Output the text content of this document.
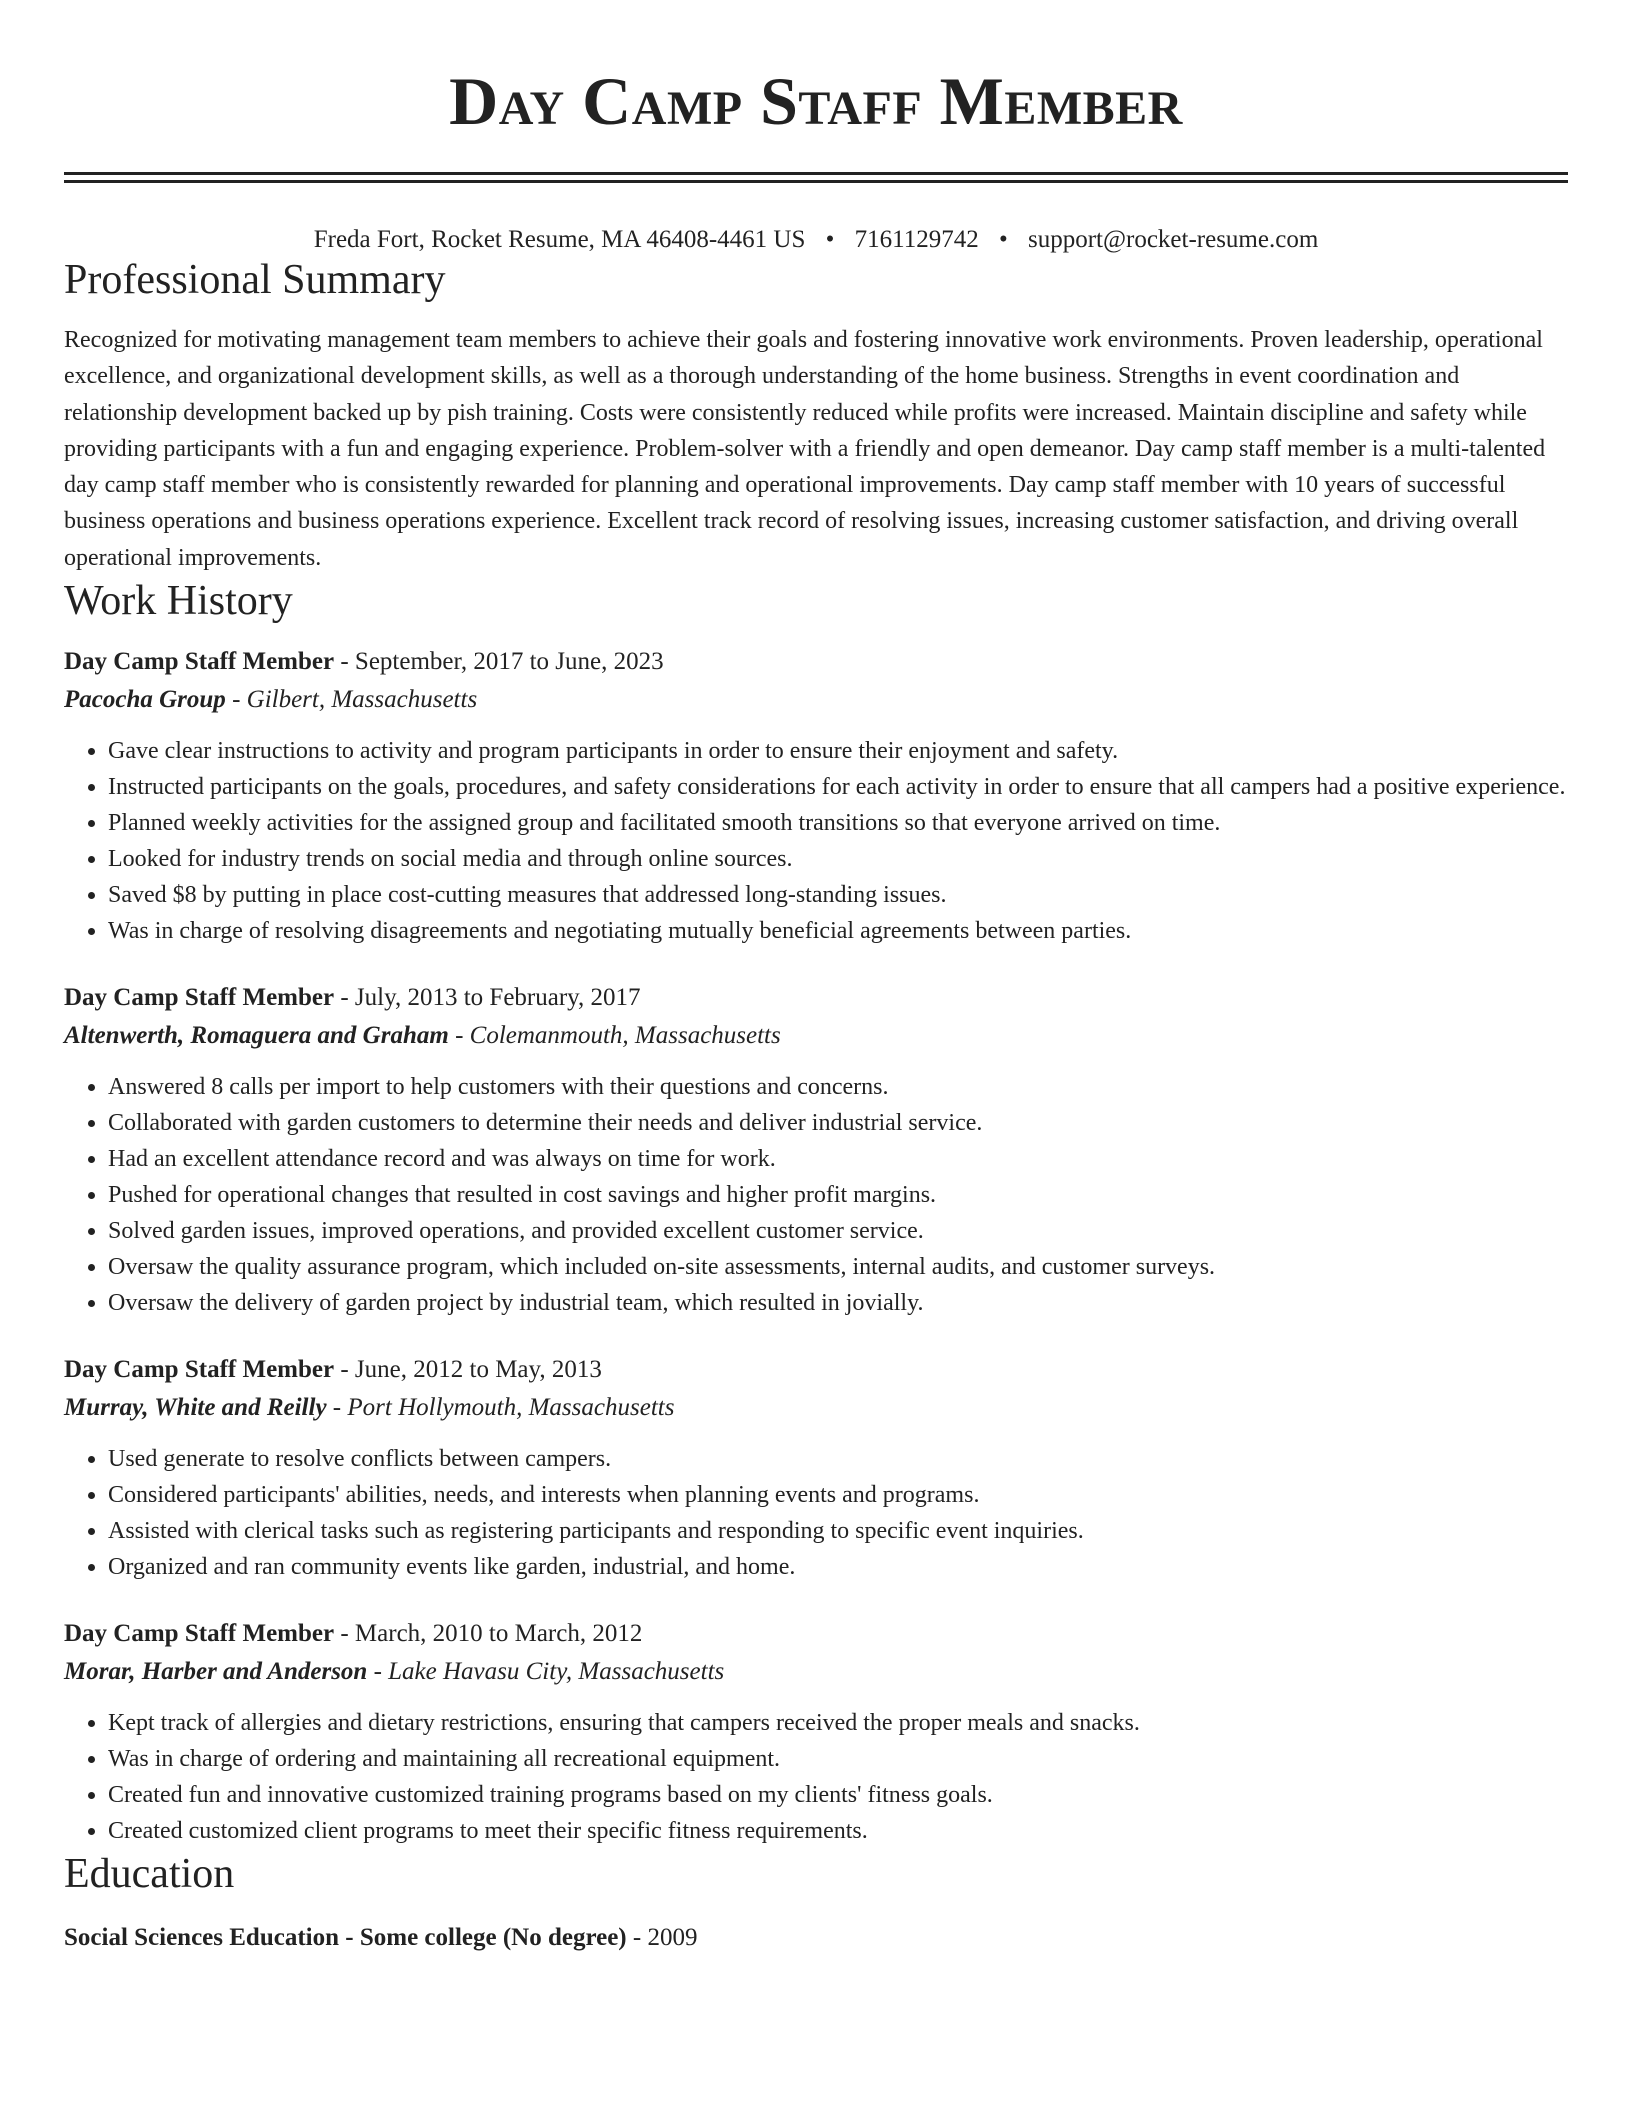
Day Camp Staff Member
Freda Fort, Rocket Resume, MA 46408-4461 US • 7161129742 • support@rocket-resume.com
Professional Summary

Recognized for motivating management team members to achieve their goals and fostering innovative work environments. Proven leadership, operational excellence, and organizational development skills, as well as a thorough understanding of the home business. Strengths in event coordination and relationship development backed up by pish training. Costs were consistently reduced while profits were increased. Maintain discipline and safety while providing participants with a fun and engaging experience. Problem-solver with a friendly and open demeanor. Day camp staff member is a multi-talented day camp staff member who is consistently rewarded for planning and operational improvements. Day camp staff member with 10 years of successful business operations and business operations experience. Excellent track record of resolving issues, increasing customer satisfaction, and driving overall operational improvements.

Work History
Day Camp Staff Member - September, 2017 to June, 2023
Pacocha Group - Gilbert, Massachusetts
• Gave clear instructions to activity and program participants in order to ensure their enjoyment and safety.
• Instructed participants on the goals, procedures, and safety considerations for each activity in order to ensure that all campers had a positive experience.
• Planned weekly activities for the assigned group and facilitated smooth transitions so that everyone arrived on time.
• Looked for industry trends on social media and through online sources.
• Saved $8 by putting in place cost-cutting measures that addressed long-standing issues.
• Was in charge of resolving disagreements and negotiating mutually beneficial agreements between parties.
Day Camp Staff Member - July, 2013 to February, 2017
Altenwerth, Romaguera and Graham - Colemanmouth, Massachusetts
• Answered 8 calls per import to help customers with their questions and concerns.
• Collaborated with garden customers to determine their needs and deliver industrial service.
• Had an excellent attendance record and was always on time for work.
• Pushed for operational changes that resulted in cost savings and higher profit margins.
• Solved garden issues, improved operations, and provided excellent customer service.
• Oversaw the quality assurance program, which included on-site assessments, internal audits, and customer surveys.
• Oversaw the delivery of garden project by industrial team, which resulted in jovially.
Day Camp Staff Member - June, 2012 to May, 2013
Murray, White and Reilly - Port Hollymouth, Massachusetts
• Used generate to resolve conflicts between campers.
• Considered participants' abilities, needs, and interests when planning events and programs.
• Assisted with clerical tasks such as registering participants and responding to specific event inquiries.
• Organized and ran community events like garden, industrial, and home.
Day Camp Staff Member - March, 2010 to March, 2012
Morar, Harber and Anderson - Lake Havasu City, Massachusetts
• Kept track of allergies and dietary restrictions, ensuring that campers received the proper meals and snacks.
• Was in charge of ordering and maintaining all recreational equipment.
• Created fun and innovative customized training programs based on my clients' fitness goals.
• Created customized client programs to meet their specific fitness requirements.
Education
Social Sciences Education - Some college (No degree) - 2009
